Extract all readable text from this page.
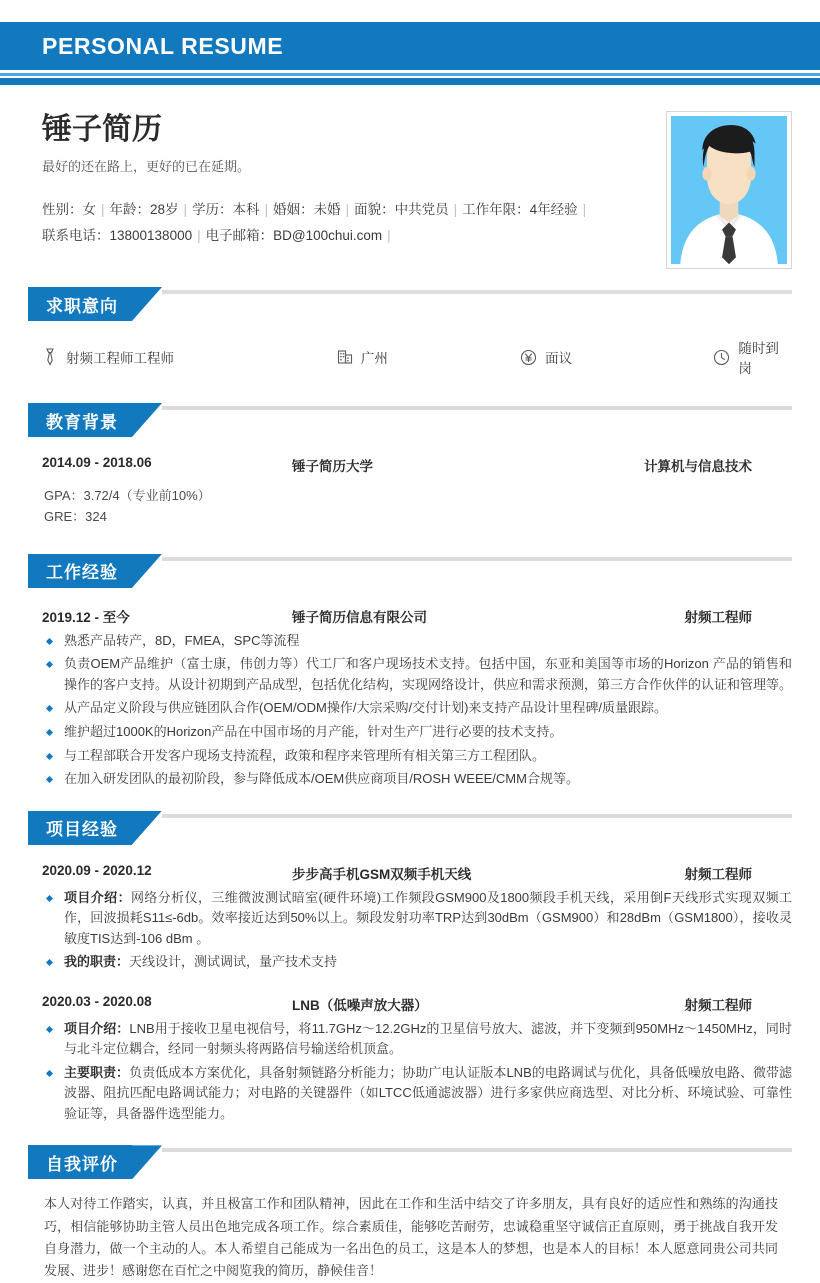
PERSONAL RESUME
锤子简历
最好的还在路上，更好的已在延期。
性别：女 | 年龄：28岁 | 学历：本科 | 婚姻：未婚 | 面貌：中共党员 | 工作年限：4年经验 |
联系电话：13800138000 | 电子邮箱：BD@100chui.com |
求职意向
射频工程师工程师	广州	面议
随时到岗
教育背景
2014.09 - 2018.06	锤子简历大学	计算机与信息技术
GPA：3.72/4（专业前10%）
GRE：324
工作经验
2019.12 - 至今	锤子简历信息有限公司	射频工程师
熟悉产品转产，8D，FMEA，SPC等流程
负责OEM产品维护（富士康，伟创力等）代工厂和客户现场技术支持。包括中国，东亚和美国等市场的Horizon 产品的销售和操作的客户支持。从设计初期到产品成型，包括优化结构，实现网络设计，供应和需求预测，第三方合作伙伴的认证和管理等。
从产品定义阶段与供应链团队合作(OEM/ODM操作/大宗采购/交付计划)来支持产品设计里程碑/质量跟踪。
维护超过1000K的Horizon产品在中国市场的月产能，针对生产厂进行必要的技术支持。
与工程部联合开发客户现场支持流程，政策和程序来管理所有相关第三方工程团队。
在加入研发团队的最初阶段，参与降低成本/OEM供应商项目/ROSH WEEE/CMM合规等。
项目经验
2020.09 - 2020.12	步步高手机GSM双频手机天线	射频工程师
项目介绍：网络分析仪，三维微波测试暗室(硬件环境)工作频段GSM900及1800频段手机天线，采用倒F天线形式实现双频工作，回波损耗S11≤-6db。效率接近达到50%以上。频段发射功率TRP达到30dBm（GSM900）和28dBm（GSM1800），接收灵敏度TIS达到-106 dBm 。
我的职责：天线设计，测试调试，量产技术支持
2020.03 - 2020.08	LNB（低噪声放大器）	射频工程师
项目介绍：LNB用于接收卫星电视信号，将11.7GHz～12.2GHz的卫星信号放大、滤波，并下变频到950MHz～1450MHz，同时与北斗定位耦合，经同一射频头将两路信号输送给机顶盒。
主要职责：负责低成本方案优化，具备射频链路分析能力；协助广电认证版本LNB的电路调试与优化，具备低噪放电路、微带滤波器、阻抗匹配电路调试能力；对电路的关键器件（如LTCC低通滤波器）进行多家供应商选型、对比分析、环境试验、可靠性验证等，具备器件选型能力。
自我评价
本人对待工作踏实，认真，并且极富工作和团队精神，因此在工作和生活中结交了许多朋友，具有良好的适应性和熟练的沟通技巧，相信能够协助主管人员出色地完成各项工作。综合素质佳，能够吃苦耐劳，忠诚稳重坚守诚信正直原则，勇于挑战自我开发自身潜力，做一个主动的人。本人希望自己能成为一名出色的员工，这是本人的梦想，也是本人的目标！本人愿意同贵公司共同发展、进步！感谢您在百忙之中阅览我的简历，静候佳音！
